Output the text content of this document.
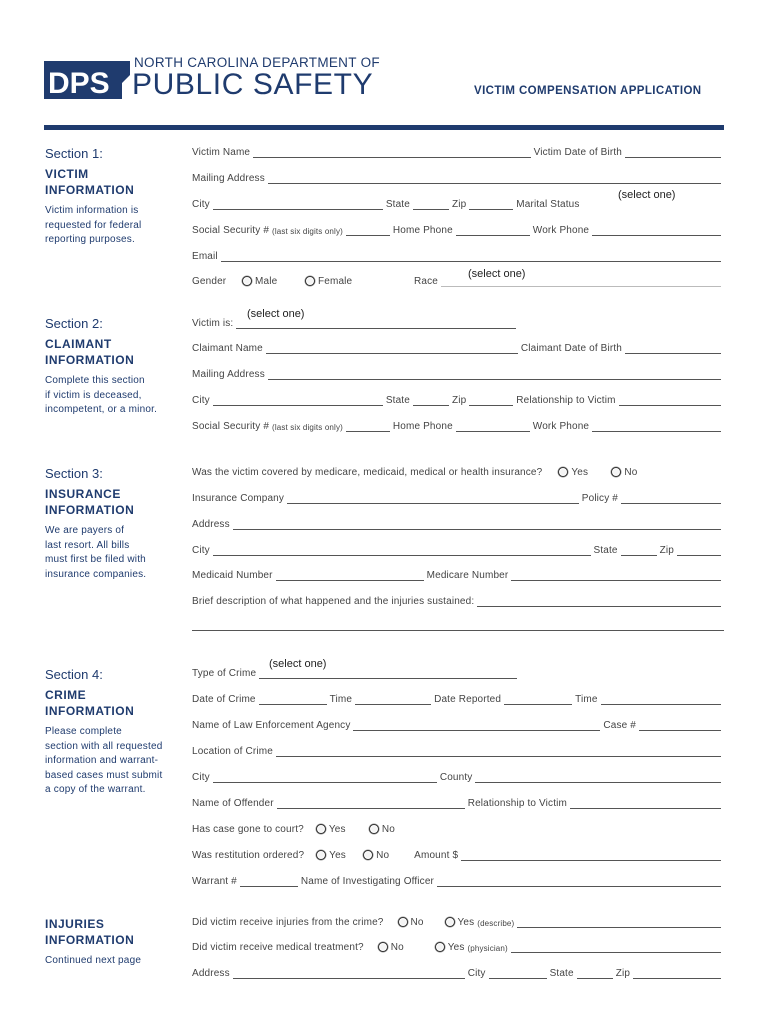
DPS
NORTH CAROLINA DEPARTMENT OF
PUBLIC SAFETY	VICTIM COMPENSATION APPLICATION
Section 1:
VICTIM
INFORMATION
Victim information is
requested for federal
reporting purposes.
Victim Name	Victim Date of Birth
Mailing Address
City	State	Zip	Marital Status
(select one)
Social Security # (last six digits only)	Home Phone	Work Phone
Email
Gender	Male	Female	Race
(select one)
Section 2:
CLAIMANT
INFORMATION
Complete this section
if victim is deceased,
incompetent, or a minor.
Victim is:
(select one)
Claimant Name	Claimant Date of Birth
Mailing Address
City	State	Zip	Relationship to Victim
Social Security # (last six digits only)	Home Phone	Work Phone
Section 3:
INSURANCE
INFORMATION
We are payers of
last resort. All bills
must first be filed with
insurance companies.
Was the victim covered by medicare, medicaid, medical or health insurance?	Yes	No
Insurance Company	Policy #
Address
City	State	Zip
Medicaid Number	Medicare Number
Brief description of what happened and the injuries sustained:
Section 4:
CRIME
INFORMATION
Please complete
section with all requested
information and warrant-
based cases must submit
a copy of the warrant.
Type of Crime
(select one)
Date of Crime	Time	Date Reported	Time
Name of Law Enforcement Agency	Case #
Location of Crime
City	County
Name of Offender	Relationship to Victim
Has case gone to court?	Yes	No
Was restitution ordered?	Yes	No	Amount $
Warrant #	Name of Investigating Officer
INJURIES
INFORMATION
Continued next page
Did victim receive injuries from the crime?	No	Yes (describe)
Did victim receive medical treatment?	No	Yes (physician)
Address	City	State	Zip
